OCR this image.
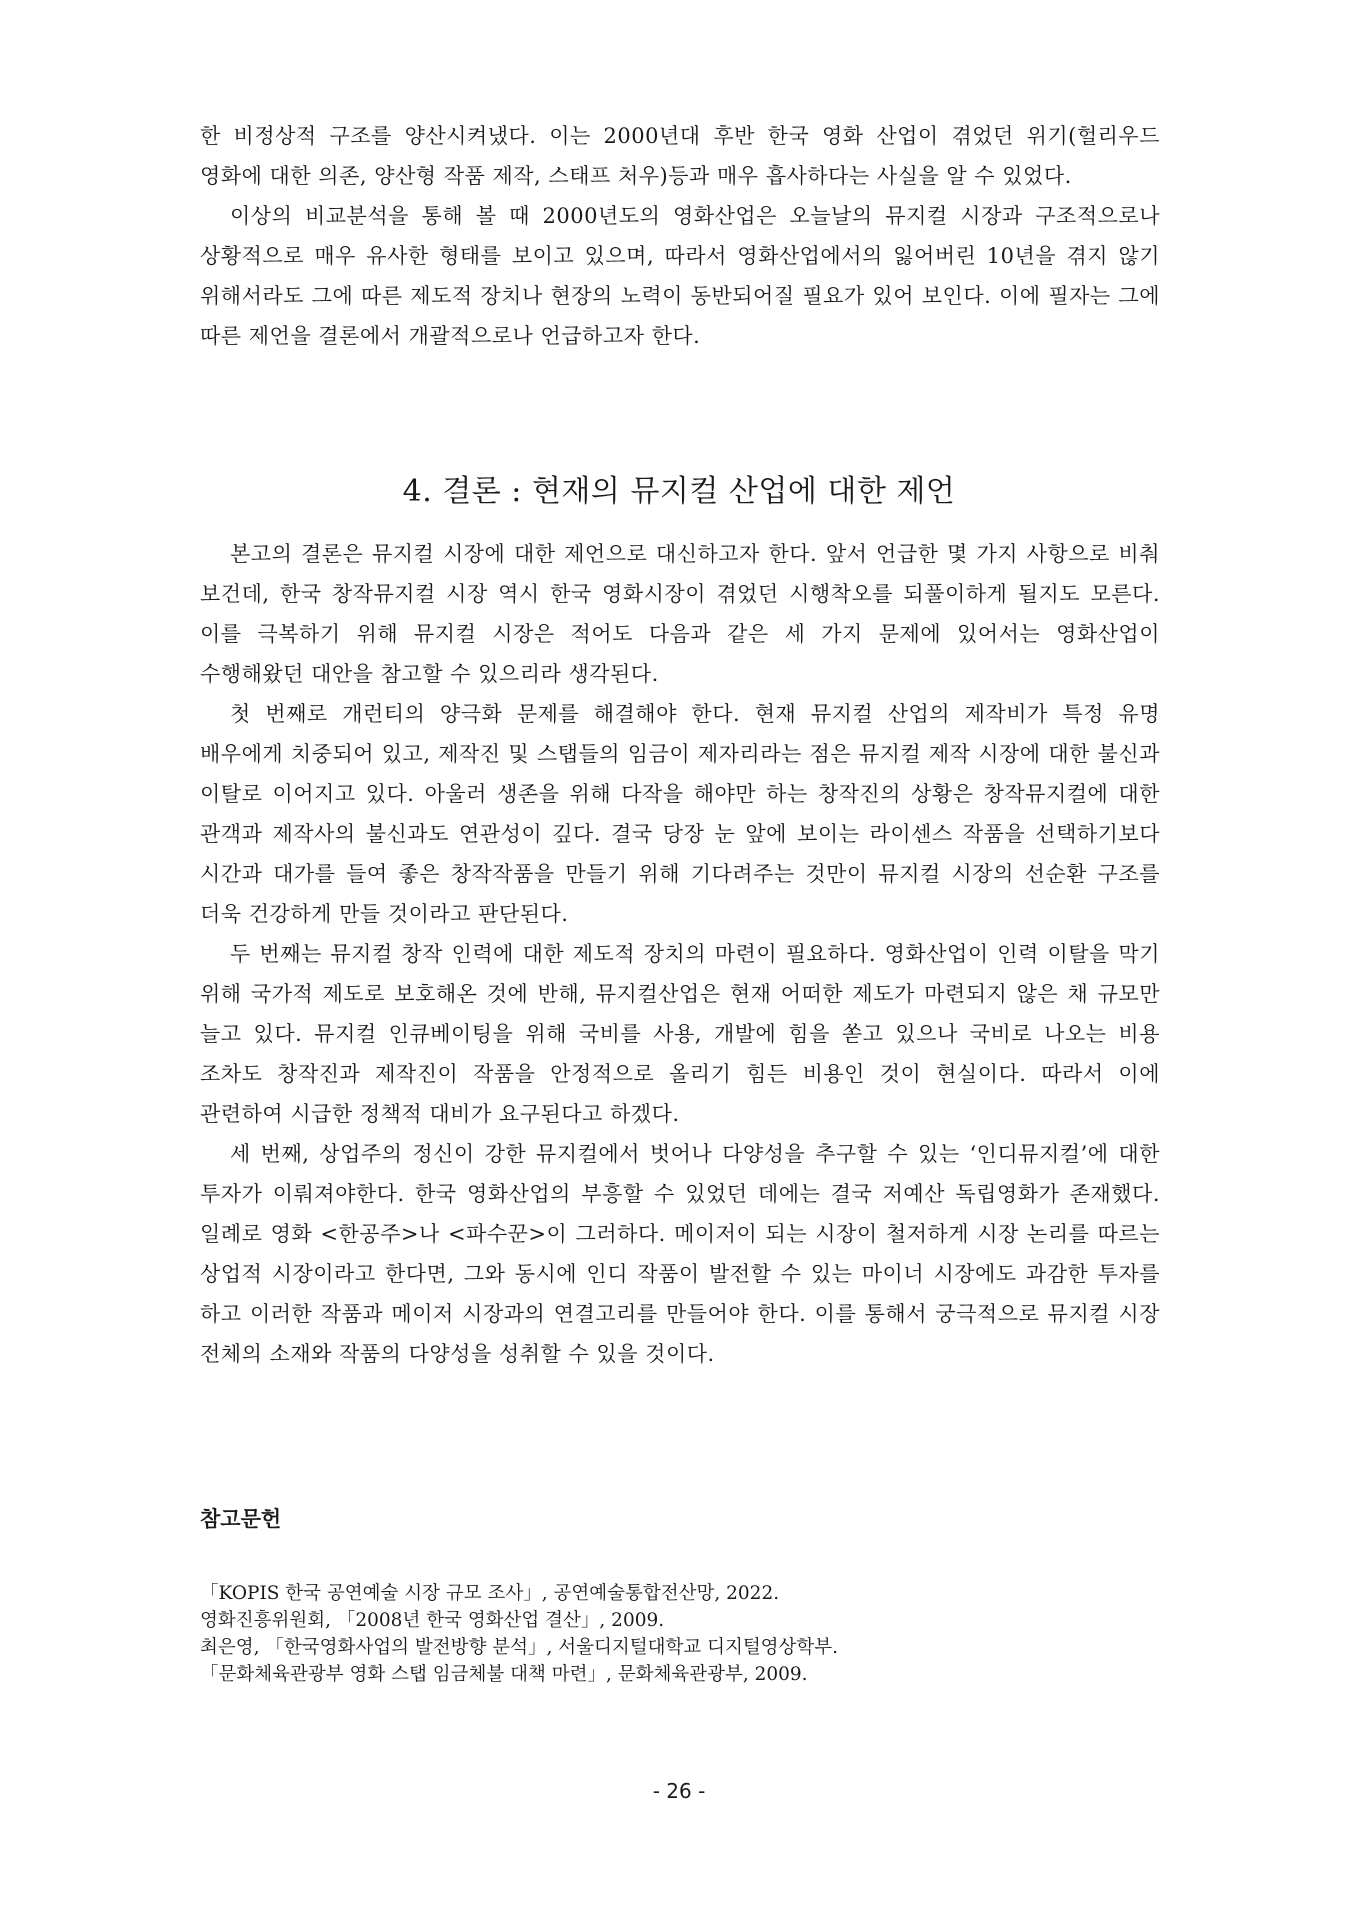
한 비정상적 구조를 양산시켜냈다. 이는 2000년대 후반 한국 영화 산업이 겪었던 위기(헐리우드 영화에 대한 의존, 양산형 작품 제작, 스태프 처우)등과 매우 흡사하다는 사실을 알 수 있었다.

이상의 비교분석을 통해 볼 때 2000년도의 영화산업은 오늘날의 뮤지컬 시장과 구조적으로나 상황적으로 매우 유사한 형태를 보이고 있으며, 따라서 영화산업에서의 잃어버린 10년을 겪지 않기 위해서라도 그에 따른 제도적 장치나 현장의 노력이 동반되어질 필요가 있어 보인다. 이에 필자는 그에 따른 제언을 결론에서 개괄적으로나 언급하고자 한다.

4. 결론 : 현재의 뮤지컬 산업에 대한 제언

본고의 결론은 뮤지컬 시장에 대한 제언으로 대신하고자 한다. 앞서 언급한 몇 가지 사항으로 비춰 보건데, 한국 창작뮤지컬 시장 역시 한국 영화시장이 겪었던 시행착오를 되풀이하게 될지도 모른다. 이를 극복하기 위해 뮤지컬 시장은 적어도 다음과 같은 세 가지 문제에 있어서는 영화산업이 수행해왔던 대안을 참고할 수 있으리라 생각된다.

첫 번째로 개런티의 양극화 문제를 해결해야 한다. 현재 뮤지컬 산업의 제작비가 특정 유명 배우에게 치중되어 있고, 제작진 및 스탭들의 임금이 제자리라는 점은 뮤지컬 제작 시장에 대한 불신과 이탈로 이어지고 있다. 아울러 생존을 위해 다작을 해야만 하는 창작진의 상황은 창작뮤지컬에 대한 관객과 제작사의 불신과도 연관성이 깊다. 결국 당장 눈 앞에 보이는 라이센스 작품을 선택하기보다 시간과 대가를 들여 좋은 창작작품을 만들기 위해 기다려주는 것만이 뮤지컬 시장의 선순환 구조를 더욱 건강하게 만들 것이라고 판단된다.

두 번째는 뮤지컬 창작 인력에 대한 제도적 장치의 마련이 필요하다. 영화산업이 인력 이탈을 막기 위해 국가적 제도로 보호해온 것에 반해, 뮤지컬산업은 현재 어떠한 제도가 마련되지 않은 채 규모만 늘고 있다. 뮤지컬 인큐베이팅을 위해 국비를 사용, 개발에 힘을 쏟고 있으나 국비로 나오는 비용 조차도 창작진과 제작진이 작품을 안정적으로 올리기 힘든 비용인 것이 현실이다. 따라서 이에 관련하여 시급한 정책적 대비가 요구된다고 하겠다.

세 번째, 상업주의 정신이 강한 뮤지컬에서 벗어나 다양성을 추구할 수 있는 ‘인디뮤지컬’에 대한 투자가 이뤄져야한다. 한국 영화산업의 부흥할 수 있었던 데에는 결국 저예산 독립영화가 존재했다. 일례로 영화 <한공주>나 <파수꾼>이 그러하다. 메이저이 되는 시장이 철저하게 시장 논리를 따르는 상업적 시장이라고 한다면, 그와 동시에 인디 작품이 발전할 수 있는 마이너 시장에도 과감한 투자를 하고 이러한 작품과 메이저 시장과의 연결고리를 만들어야 한다. 이를 통해서 궁극적으로 뮤지컬 시장 전체의 소재와 작품의 다양성을 성취할 수 있을 것이다.

참고문헌
「KOPIS 한국 공연예술 시장 규모 조사」, 공연예술통합전산망, 2022.
영화진흥위원회, 「2008년 한국 영화산업 결산」, 2009.
최은영, 「한국영화사업의 발전방향 분석」, 서울디지털대학교 디지털영상학부.
「문화체육관광부 영화 스탭 임금체불 대책 마련」, 문화체육관광부, 2009.
- 26 -
